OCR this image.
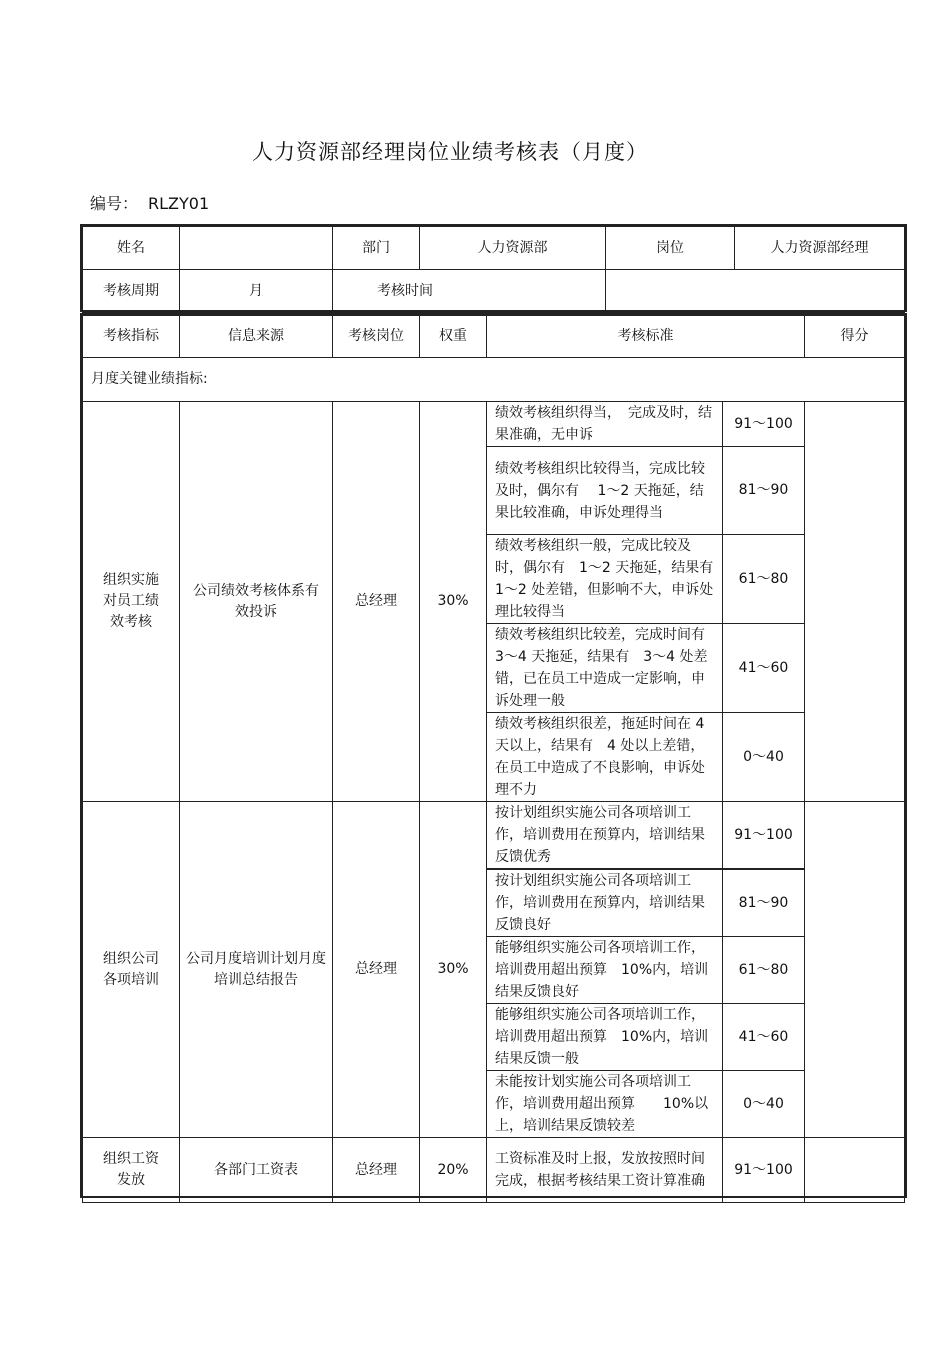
人力资源部经理岗位业绩考核表（月度）
编号： RLZY01
姓名		部门	人力资源部	岗位	人力资源部经理
考核周期	月	考核时间			
考核指标	信息来源	考核岗位	权重	考核标准		得分
月度关键业绩指标:						
组织实施对员工绩效考核	公司绩效考核体系有效投诉	总经理	30%	绩效考核组织得当，　完成及时，结果准确，无申诉	91～100	
				绩效考核组织比较得当，完成比较及时，偶尔有　 1～2 天拖延，结果比较准确，申诉处理得当	81～90	
				绩效考核组织一般，完成比较及时，偶尔有　1～2 天拖延，结果有　1～2 处差错，但影响不大，申诉处理比较得当	61～80	
				绩效考核组织比较差，完成时间有 3～4 天拖延，结果有　3～4 处差错，已在员工中造成一定影响，申诉处理一般	41～60	
				绩效考核组织很差，拖延时间在 4 天以上，结果有　4 处以上差错，在员工中造成了不良影响，申诉处理不力	0～40	
组织公司各项培训	公司月度培训计划月度培训总结报告	总经理	30%	按计划组织实施公司各项培训工作，培训费用在预算内，培训结果反馈优秀	91～100	
				按计划组织实施公司各项培训工作，培训费用在预算内，培训结果反馈良好	81～90	
				能够组织实施公司各项培训工作，培训费用超出预算　10%内，培训结果反馈良好	61～80	
				能够组织实施公司各项培训工作，培训费用超出预算　10%内，培训结果反馈一般	41～60	
				未能按计划实施公司各项培训工作，培训费用超出预算　　10%以上，培训结果反馈较差	0～40	
组织工资发放	各部门工资表	总经理	20%	工资标准及时上报，发放按照时间完成，根据考核结果工资计算准确	91～100	
